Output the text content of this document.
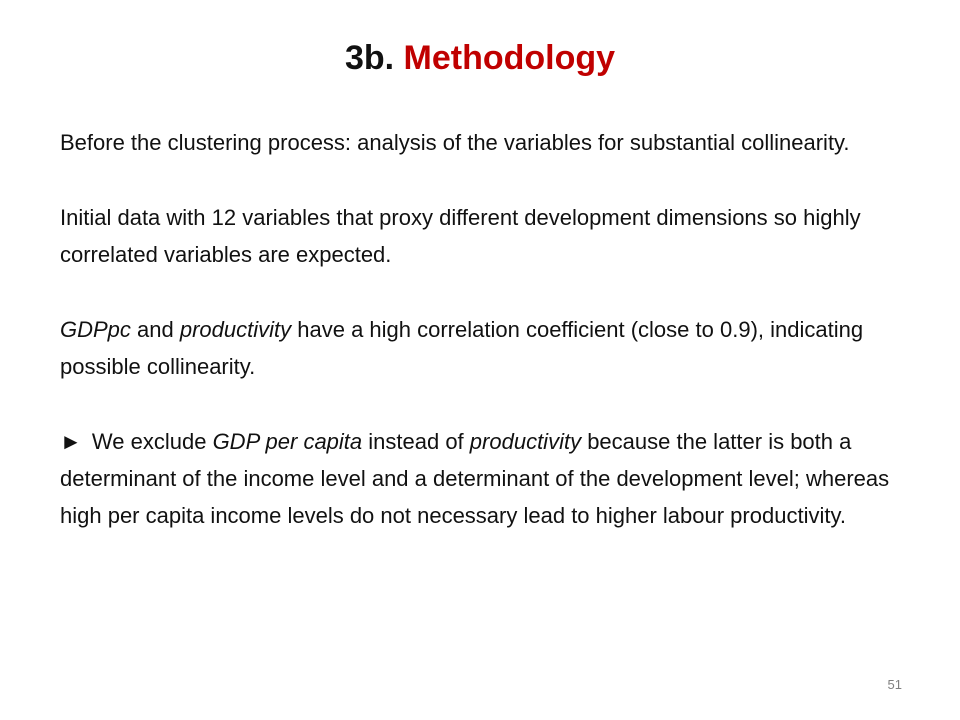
3b. Methodology

Before the clustering process: analysis of the variables for substantial collinearity.

Initial data with 12 variables that proxy different development dimensions so highly correlated variables are expected.

GDPpc and productivity have a high correlation coefficient (close to 0.9), indicating possible collinearity.

► We exclude GDP per capita instead of productivity because the latter is both a determinant of the income level and a determinant of the development level; whereas high per capita income levels do not necessary lead to higher labour productivity.

51
